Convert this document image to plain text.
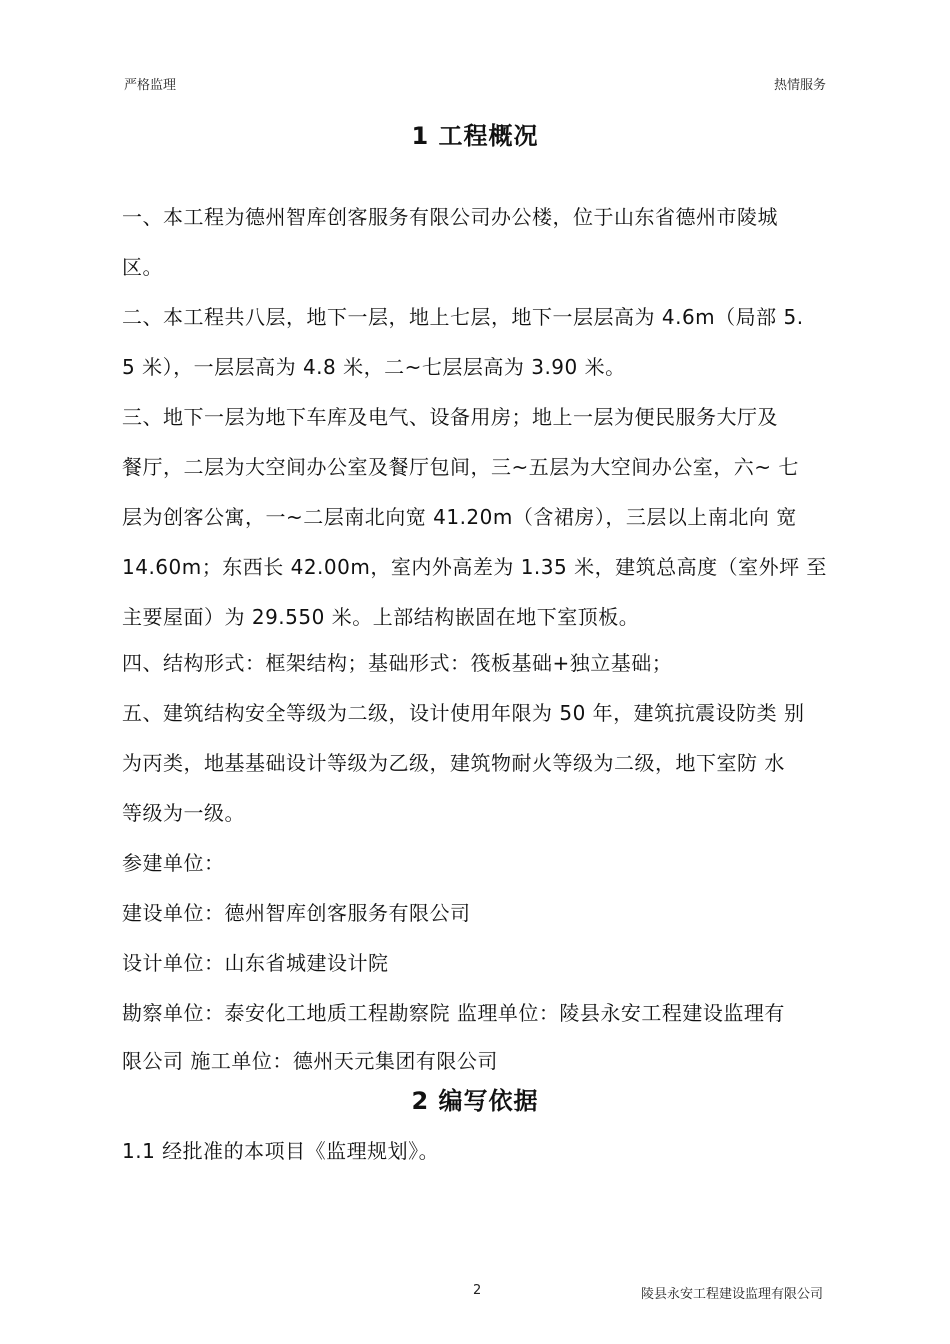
严格监理	热情服务
1 工程概况
一、本工程为德州智库创客服务有限公司办公楼，位于山东省德州市陵城
区。
二、本工程共八层，地下一层，地上七层，地下一层层高为 4.6m（局部 5.
5 米），一层层高为 4.8 米，二~七层层高为 3.90 米。
三、地下一层为地下车库及电气、设备用房；地上一层为便民服务大厅及
餐厅，二层为大空间办公室及餐厅包间，三~五层为大空间办公室，六~ 七
层为创客公寓，一~二层南北向宽 41.20m（含裙房），三层以上南北向 宽
14.60m；东西长 42.00m，室内外高差为 1.35 米，建筑总高度（室外坪 至
主要屋面）为 29.550 米。上部结构嵌固在地下室顶板。
四、结构形式：框架结构；基础形式：筏板基础+独立基础；
五、建筑结构安全等级为二级，设计使用年限为 50 年，建筑抗震设防类 别
为丙类，地基基础设计等级为乙级，建筑物耐火等级为二级，地下室防 水
等级为一级。
参建单位：
建设单位：德州智库创客服务有限公司
设计单位：山东省城建设计院
勘察单位：泰安化工地质工程勘察院 监理单位：陵县永安工程建设监理有
限公司 施工单位：德州天元集团有限公司
2 编写依据
1.1 经批准的本项目《监理规划》。
2	陵县永安工程建设监理有限公司
